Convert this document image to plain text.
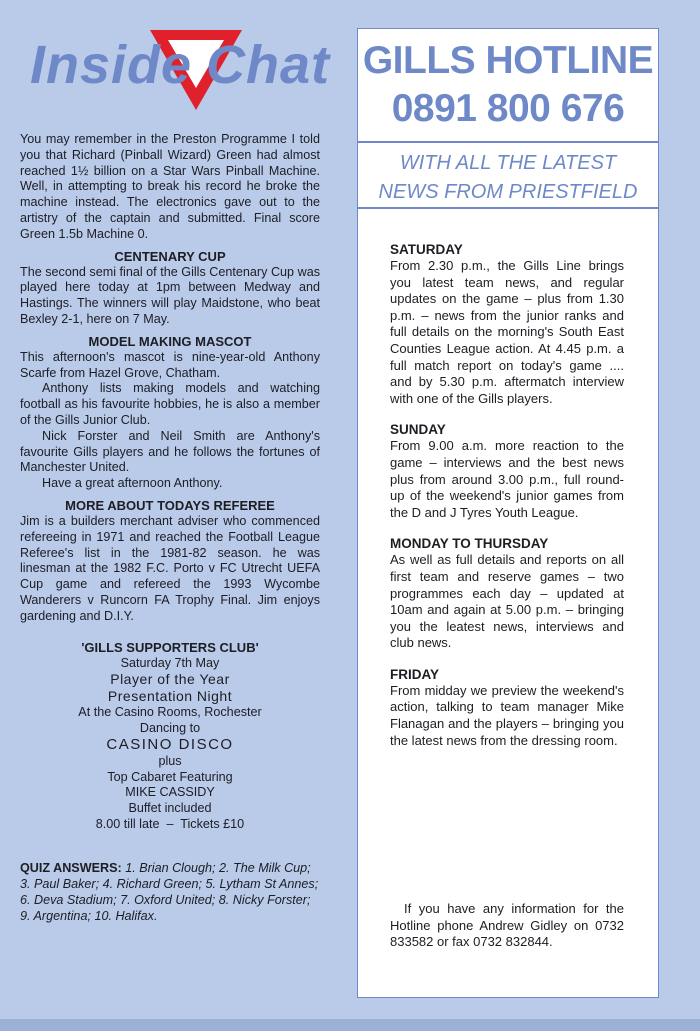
Inside Chat
You may remember in the Preston Programme I told you that Richard (Pinball Wizard) Green had almost reached 1½ billion on a Star Wars Pinball Machine. Well, in attempting to break his record he broke the machine instead. The electronics gave out to the artistry of the captain and submitted. Final score Green 1.5b Machine 0.
CENTENARY CUP
The second semi final of the Gills Centenary Cup was played here today at 1pm between Medway and Hastings. The winners will play Maidstone, who beat Bexley 2-1, here on 7 May.
MODEL MAKING MASCOT
This afternoon's mascot is nine-year-old Anthony Scarfe from Hazel Grove, Chatham.
Anthony lists making models and watching football as his favourite hobbies, he is also a member of the Gills Junior Club.
Nick Forster and Neil Smith are Anthony's favourite Gills players and he follows the fortunes of Manchester United.
Have a great afternoon Anthony.
MORE ABOUT TODAYS REFEREE
Jim is a builders merchant adviser who commenced refereeing in 1971 and reached the Football League Referee's list in the 1981-82 season. he was linesman at the 1982 F.C. Porto v FC Utrecht UEFA Cup game and refereed the 1993 Wycombe Wanderers v Runcorn FA Trophy Final. Jim enjoys gardening and D.I.Y.
'GILLS SUPPORTERS CLUB'
Saturday 7th May
Player of the Year
Presentation Night
At the Casino Rooms, Rochester
Dancing to
CASINO DISCO
plus
Top Cabaret Featuring
MIKE CASSIDY
Buffet included
8.00 till late  –  Tickets £10
QUIZ ANSWERS: 1. Brian Clough; 2. The Milk Cup; 3. Paul Baker; 4. Richard Green; 5. Lytham St Annes; 6. Deva Stadium; 7. Oxford United; 8. Nicky Forster; 9. Argentina; 10. Halifax.
GILLS HOTLINE
0891 800 676
WITH ALL THE LATEST
NEWS FROM PRIESTFIELD
SATURDAY
From 2.30 p.m., the Gills Line brings you latest team news, and regular updates on the game – plus from 1.30 p.m. – news from the junior ranks and full details on the morning's South East Counties League action. At 4.45 p.m. a full match report on today's game .... and by 5.30 p.m. aftermatch interview with one of the Gills players.
SUNDAY
From 9.00 a.m. more reaction to the game – interviews and the best news plus from around 3.00 p.m., full round-up of the weekend's junior games from the D and J Tyres Youth League.
MONDAY TO THURSDAY
As well as full details and reports on all first team and reserve games – two programmes each day – updated at 10am and again at 5.00 p.m. – bringing you the leatest news, interviews and club news.
FRIDAY
From midday we preview the weekend's action, talking to team manager Mike Flanagan and the players – bringing you the latest news from the dressing room.
If you have any information for the Hotline phone Andrew Gidley on 0732 833582 or fax 0732 832844.
